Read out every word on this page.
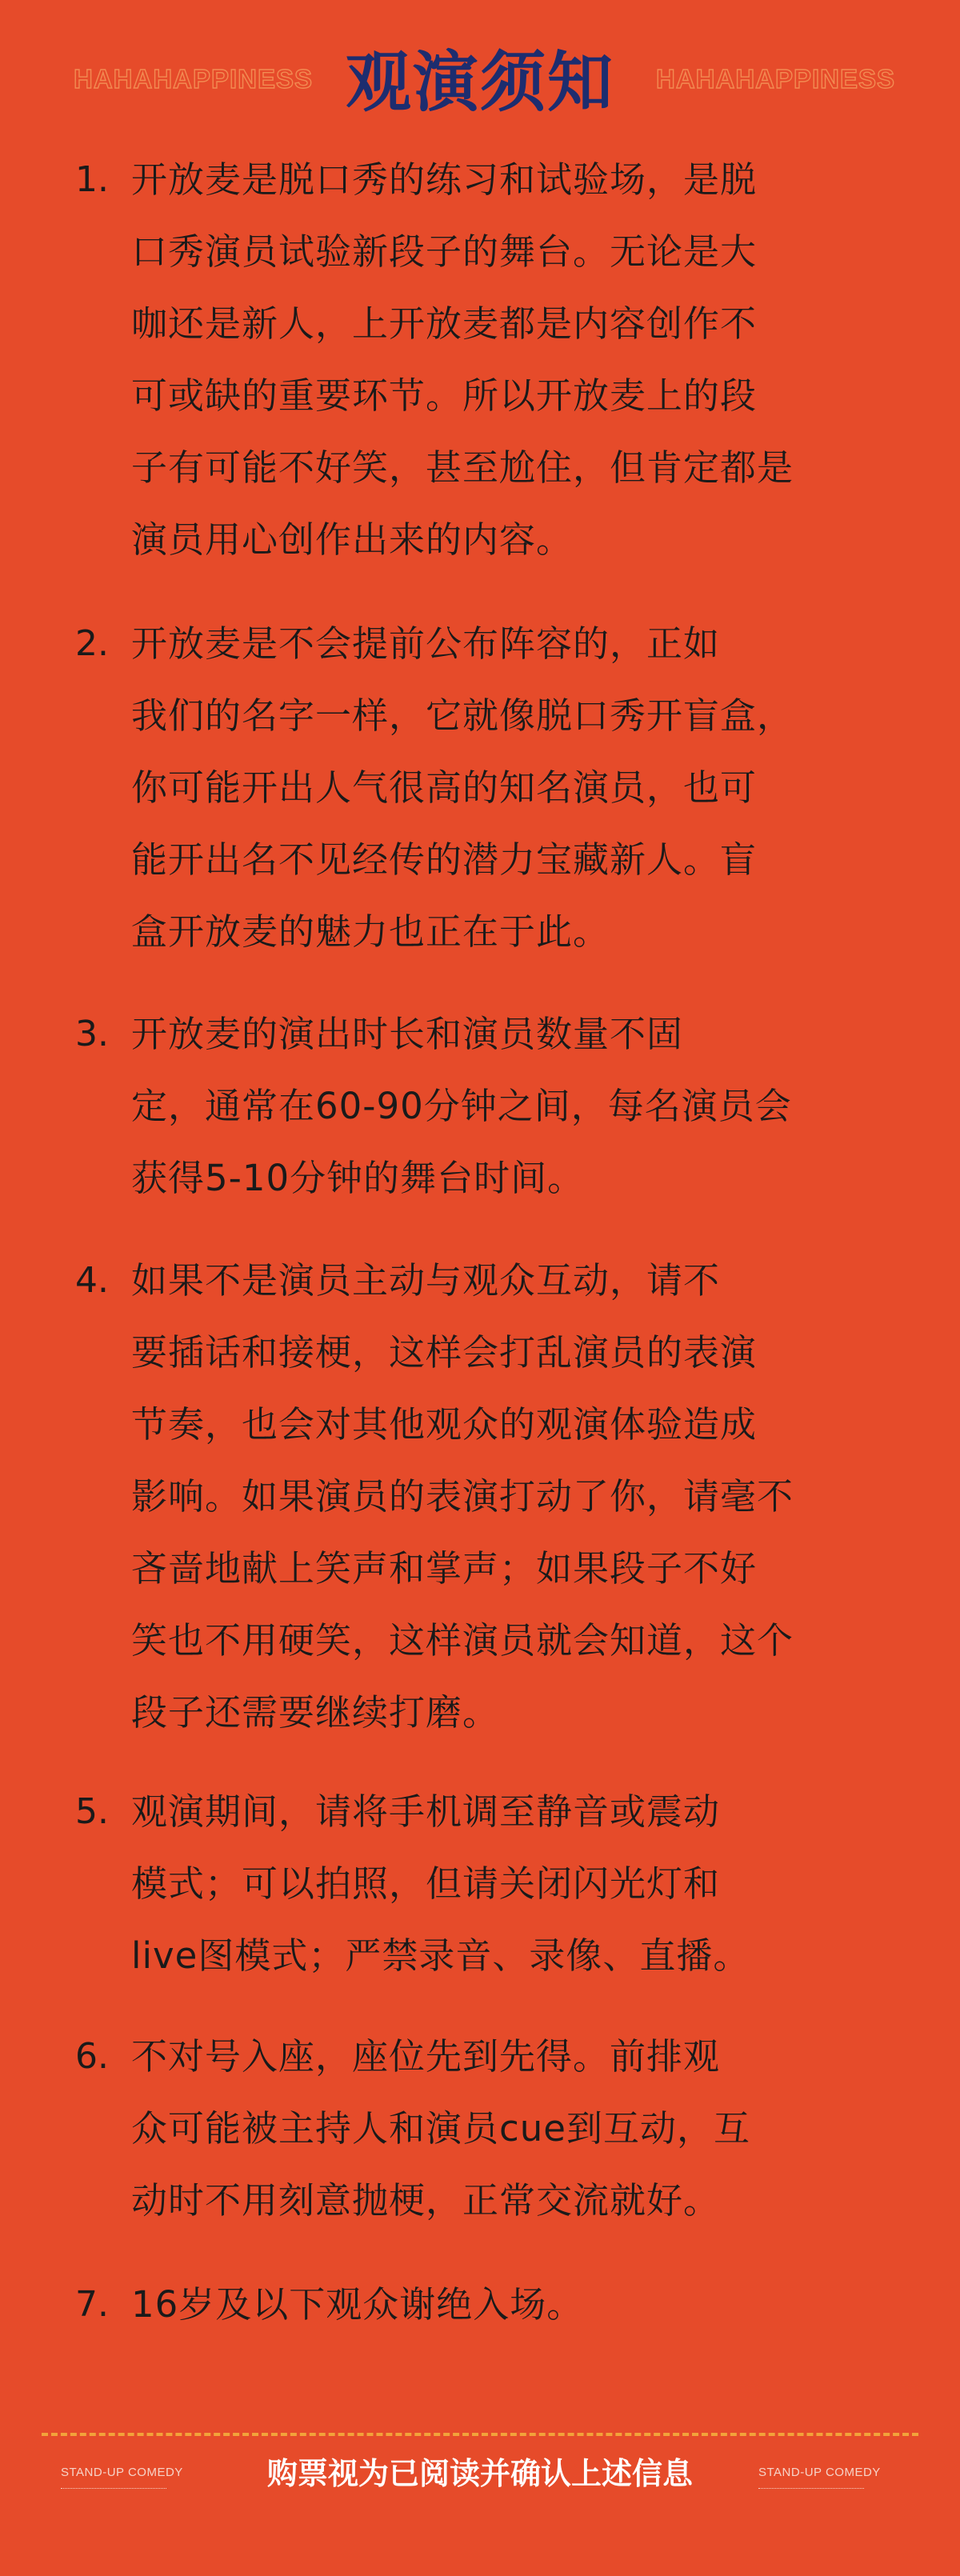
HAHAHAPPINESS 观演须知	HAHAHAPPINESS
1. 开放麦是脱口秀的练习和试验场，是脱
口秀演员试验新段子的舞台。无论是大
咖还是新人，上开放麦都是内容创作不
可或缺的重要环节。所以开放麦上的段
子有可能不好笑，甚至尬住，但肯定都是
演员用心创作出来的内容。
2. 开放麦是不会提前公布阵容的，正如
我们的名字一样，它就像脱口秀开盲盒，
你可能开出人气很高的知名演员，也可
能开出名不见经传的潜力宝藏新人。盲
盒开放麦的魅力也正在于此。
3. 开放麦的演出时长和演员数量不固
定，通常在60-90分钟之间，每名演员会
获得5-10分钟的舞台时间。
4. 如果不是演员主动与观众互动，请不
要插话和接梗，这样会打乱演员的表演
节奏，也会对其他观众的观演体验造成
影响。如果演员的表演打动了你，请毫不
吝啬地献上笑声和掌声；如果段子不好
笑也不用硬笑，这样演员就会知道，这个
段子还需要继续打磨。
5. 观演期间，请将手机调至静音或震动
模式；可以拍照，但请关闭闪光灯和
live图模式；严禁录音、录像、直播。
6. 不对号入座，座位先到先得。前排观
众可能被主持人和演员cue到互动，互
动时不用刻意抛梗，正常交流就好。
7. 16岁及以下观众谢绝入场。
STAND-UP COMEDY	购票视为已阅读并确认上述信息	STAND-UP COMEDY
